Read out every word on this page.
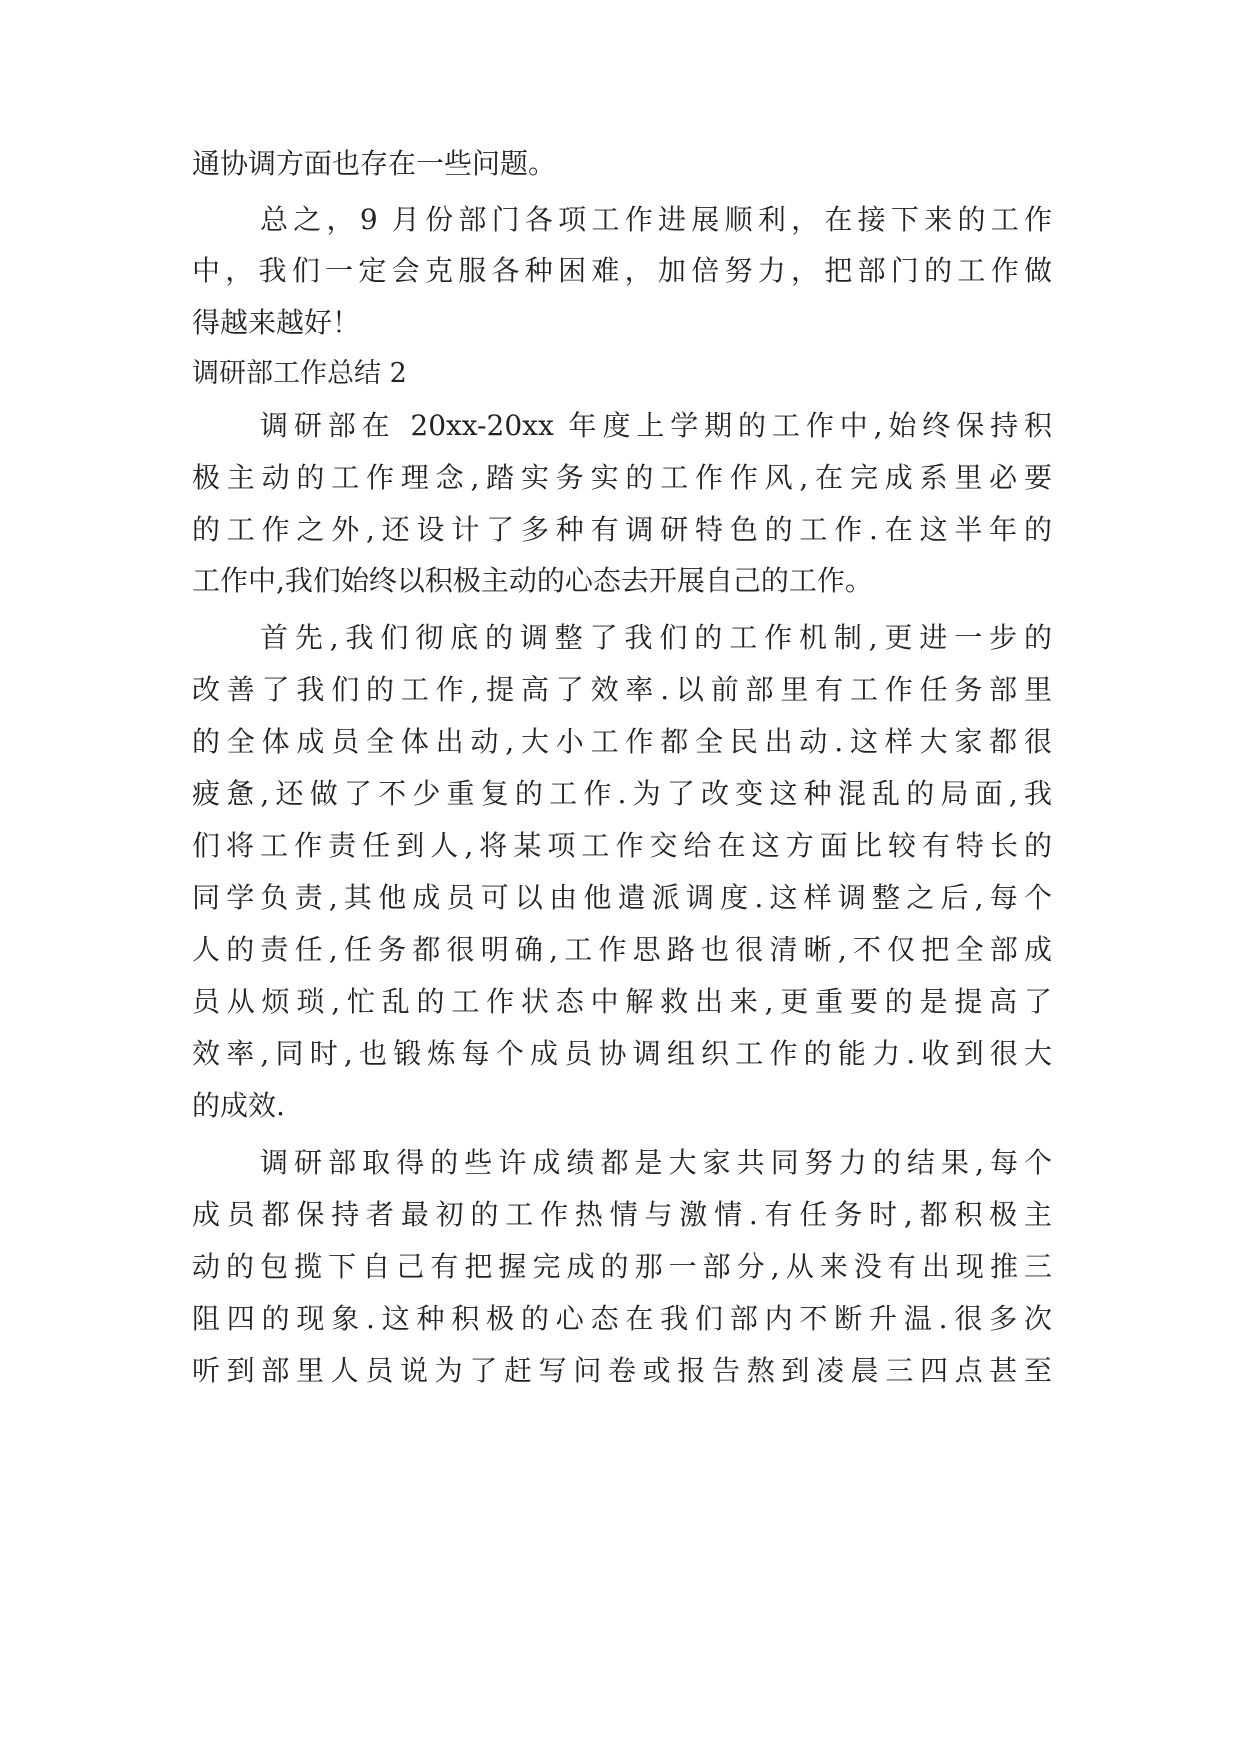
通协调方面也存在一些问题。
总之，9 月份部门各项工作进展顺利，在接下来的工作
中，我们一定会克服各种困难，加倍努力，把部门的工作做
得越来越好！
调研部工作总结 2
调研部在 20xx-20xx 年度上学期的工作中,始终保持积
极主动的工作理念,踏实务实的工作作风,在完成系里必要
的工作之外,还设计了多种有调研特色的工作.在这半年的
工作中,我们始终以积极主动的心态去开展自己的工作。
首先,我们彻底的调整了我们的工作机制,更进一步的
改善了我们的工作,提高了效率.以前部里有工作任务部里
的全体成员全体出动,大小工作都全民出动.这样大家都很
疲惫,还做了不少重复的工作.为了改变这种混乱的局面,我
们将工作责任到人,将某项工作交给在这方面比较有特长的
同学负责,其他成员可以由他遣派调度.这样调整之后,每个
人的责任,任务都很明确,工作思路也很清晰,不仅把全部成
员从烦琐,忙乱的工作状态中解救出来,更重要的是提高了
效率,同时,也锻炼每个成员协调组织工作的能力.收到很大
的成效.
调研部取得的些许成绩都是大家共同努力的结果,每个
成员都保持者最初的工作热情与激情.有任务时,都积极主
动的包揽下自己有把握完成的那一部分,从来没有出现推三
阻四的现象.这种积极的心态在我们部内不断升温.很多次
听到部里人员说为了赶写问卷或报告熬到凌晨三四点甚至
